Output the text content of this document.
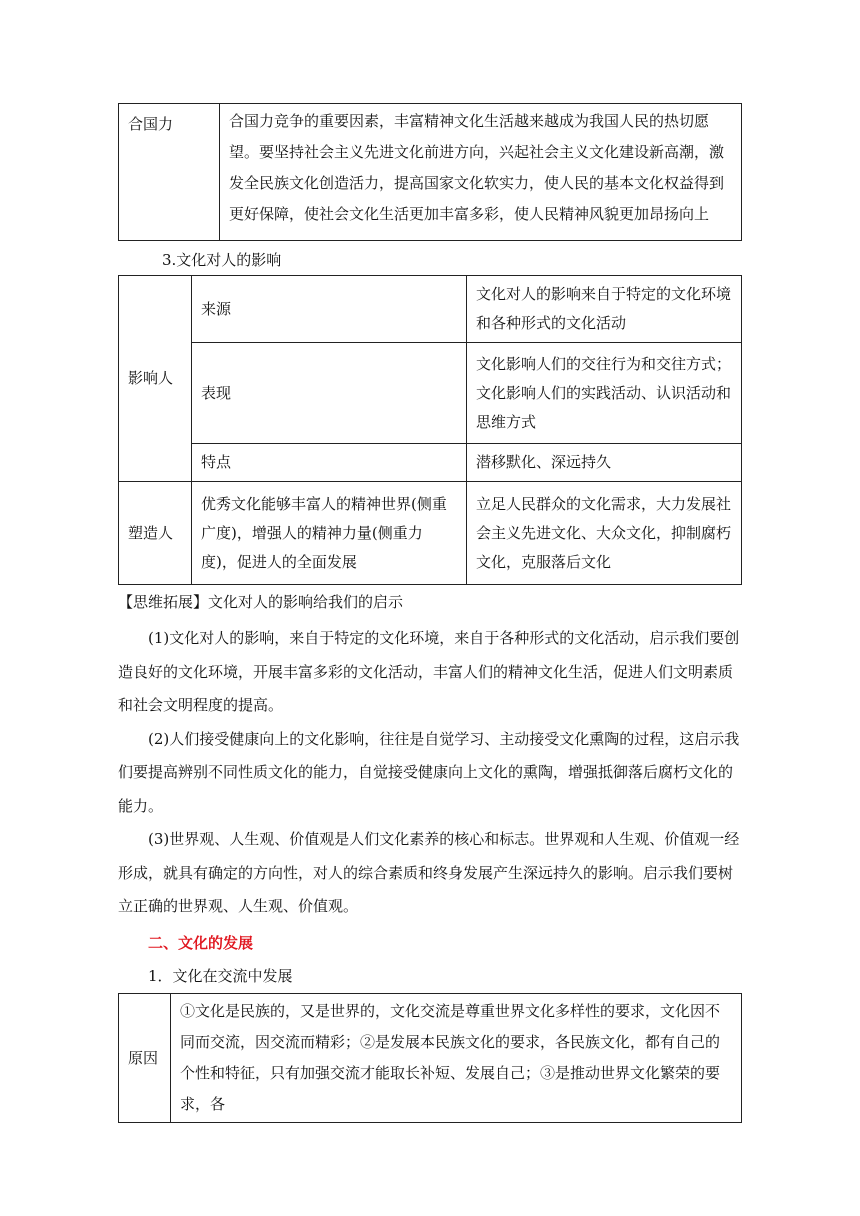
合国力	合国力竞争的重要因素，丰富精神文化生活越来越成为我国人民的热切愿望。要坚持社会主义先进文化前进方向，兴起社会主义文化建设新高潮，激发全民族文化创造活力，提高国家文化软实力，使人民的基本文化权益得到更好保障，使社会文化生活更加丰富多彩，使人民精神风貌更加昂扬向上

3.文化对人的影响

影响人	来源	文化对人的影响来自于特定的文化环境和各种形式的文化活动
	表现	文化影响人们的交往行为和交往方式；文化影响人们的实践活动、认识活动和思维方式
	特点	潜移默化、深远持久
塑造人	优秀文化能够丰富人的精神世界(侧重广度)，增强人的精神力量(侧重力度)，促进人的全面发展	立足人民群众的文化需求，大力发展社会主义先进文化、大众文化，抑制腐朽文化，克服落后文化

【思维拓展】文化对人的影响给我们的启示

(1)文化对人的影响，来自于特定的文化环境，来自于各种形式的文化活动，启示我们要创造良好的文化环境，开展丰富多彩的文化活动，丰富人们的精神文化生活，促进人们文明素质和社会文明程度的提高。

(2)人们接受健康向上的文化影响，往往是自觉学习、主动接受文化熏陶的过程，这启示我们要提高辨别不同性质文化的能力，自觉接受健康向上文化的熏陶，增强抵御落后腐朽文化的能力。

(3)世界观、人生观、价值观是人们文化素养的核心和标志。世界观和人生观、价值观一经形成，就具有确定的方向性，对人的综合素质和终身发展产生深远持久的影响。启示我们要树立正确的世界观、人生观、价值观。

二、文化的发展

1．文化在交流中发展

原因	①文化是民族的，又是世界的，文化交流是尊重世界文化多样性的要求，文化因不同而交流，因交流而精彩；②是发展本民族文化的要求，各民族文化，都有自己的个性和特征，只有加强交流才能取长补短、发展自己；③是推动世界文化繁荣的要求，各
